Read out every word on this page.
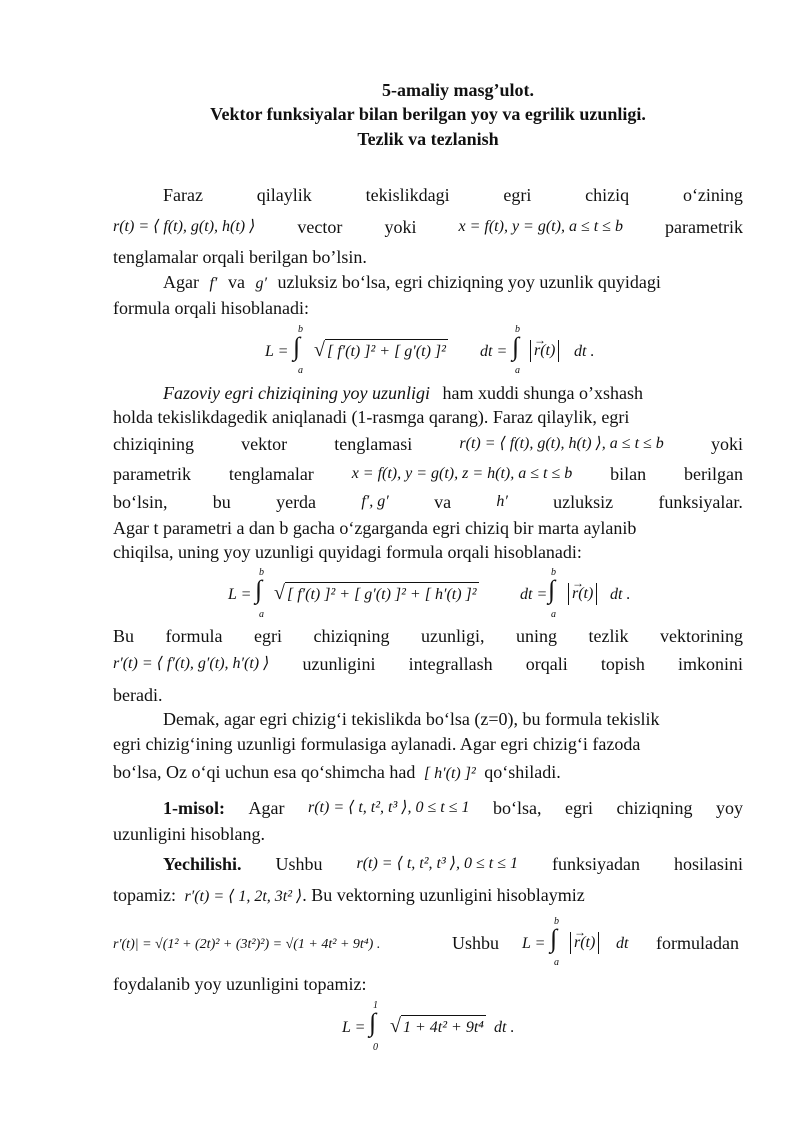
5-amaliy masg’ulot.
Vektor funksiyalar bilan berilgan yoy va egrilik uzunligi.
Tezlik va tezlanish
Faraz	qilaylik	tekislikdagi	egri	chiziq	o‘zining
r(t) = ⟨ f(t), g(t), h(t) ⟩ vector yoki	x = f(t), y = g(t), a ≤ t ≤ b parametrik
tenglamalar orqali berilgan bo’lsin.
Agar f′ va g′ uzluksiz bo‘lsa, egri chiziqning yoy uzunlik quyidagi
formula orqali hisoblanadi:
L = ∫
b
a
√ [ f′(t) ]² + [ g′(t) ]² dt = ∫
b
a
→ r(t) dt .
Fazoviy egri chiziqining yoy uzunligi ham xuddi shunga o’xshash
holda tekislikdagedik aniqlanadi (1-rasmga qarang). Faraz qilaylik, egri
chiziqining	vektor	tenglamasi	r(t) = ⟨ f(t), g(t), h(t) ⟩, a ≤ t ≤ b	yoki
parametrik tenglamalar x = f(t), y = g(t), z = h(t), a ≤ t ≤ b bilan berilgan
bo‘lsin,	bu	yerda	f′, g′	va	h′	uzluksiz	funksiyalar.
Agar t parametri a dan b gacha o‘zgarganda egri chiziq bir marta aylanib
chiqilsa, uning yoy uzunligi quyidagi formula orqali hisoblanadi:
L = ∫
b
a
√ [ f′(t) ]² + [ g′(t) ]² + [ h′(t) ]²	dt = ∫
b
a
→ r(t) dt .
Bu formula egri chiziqning uzunligi, uning tezlik vektorining
r′(t) = ⟨ f′(t), g′(t), h′(t) ⟩ uzunligini integrallash orqali topish imkonini
beradi.
Demak, agar egri chizig‘i tekislikda bo‘lsa (z=0), bu formula tekislik
egri chizig‘ining uzunligi formulasiga aylanadi. Agar egri chizig‘i fazoda
bo‘lsa, Oz o‘qi uchun esa qo‘shimcha had [ h′(t) ]² qo‘shiladi.
1-misol: Agar r(t) = ⟨ t, t², t³ ⟩, 0 ≤ t ≤ 1 bo‘lsa, egri chiziqning yoy
uzunligini hisoblang.
Yechilishi. Ushbu r(t) = ⟨ t, t², t³ ⟩, 0 ≤ t ≤ 1 funksiyadan hosilasini
topamiz: r′(t) = ⟨ 1, 2t, 3t² ⟩. Bu vektorning uzunligini hisoblaymiz
r′(t)| = √(1² + (2t)² + (3t²)²) = √(1 + 4t² + 9t⁴) .	Ushbu L = ∫
b
a
→ r(t) dt formuladan
foydalanib yoy uzunligini topamiz:
L = ∫
1
0
√ 1 + 4t² + 9t⁴ dt .
